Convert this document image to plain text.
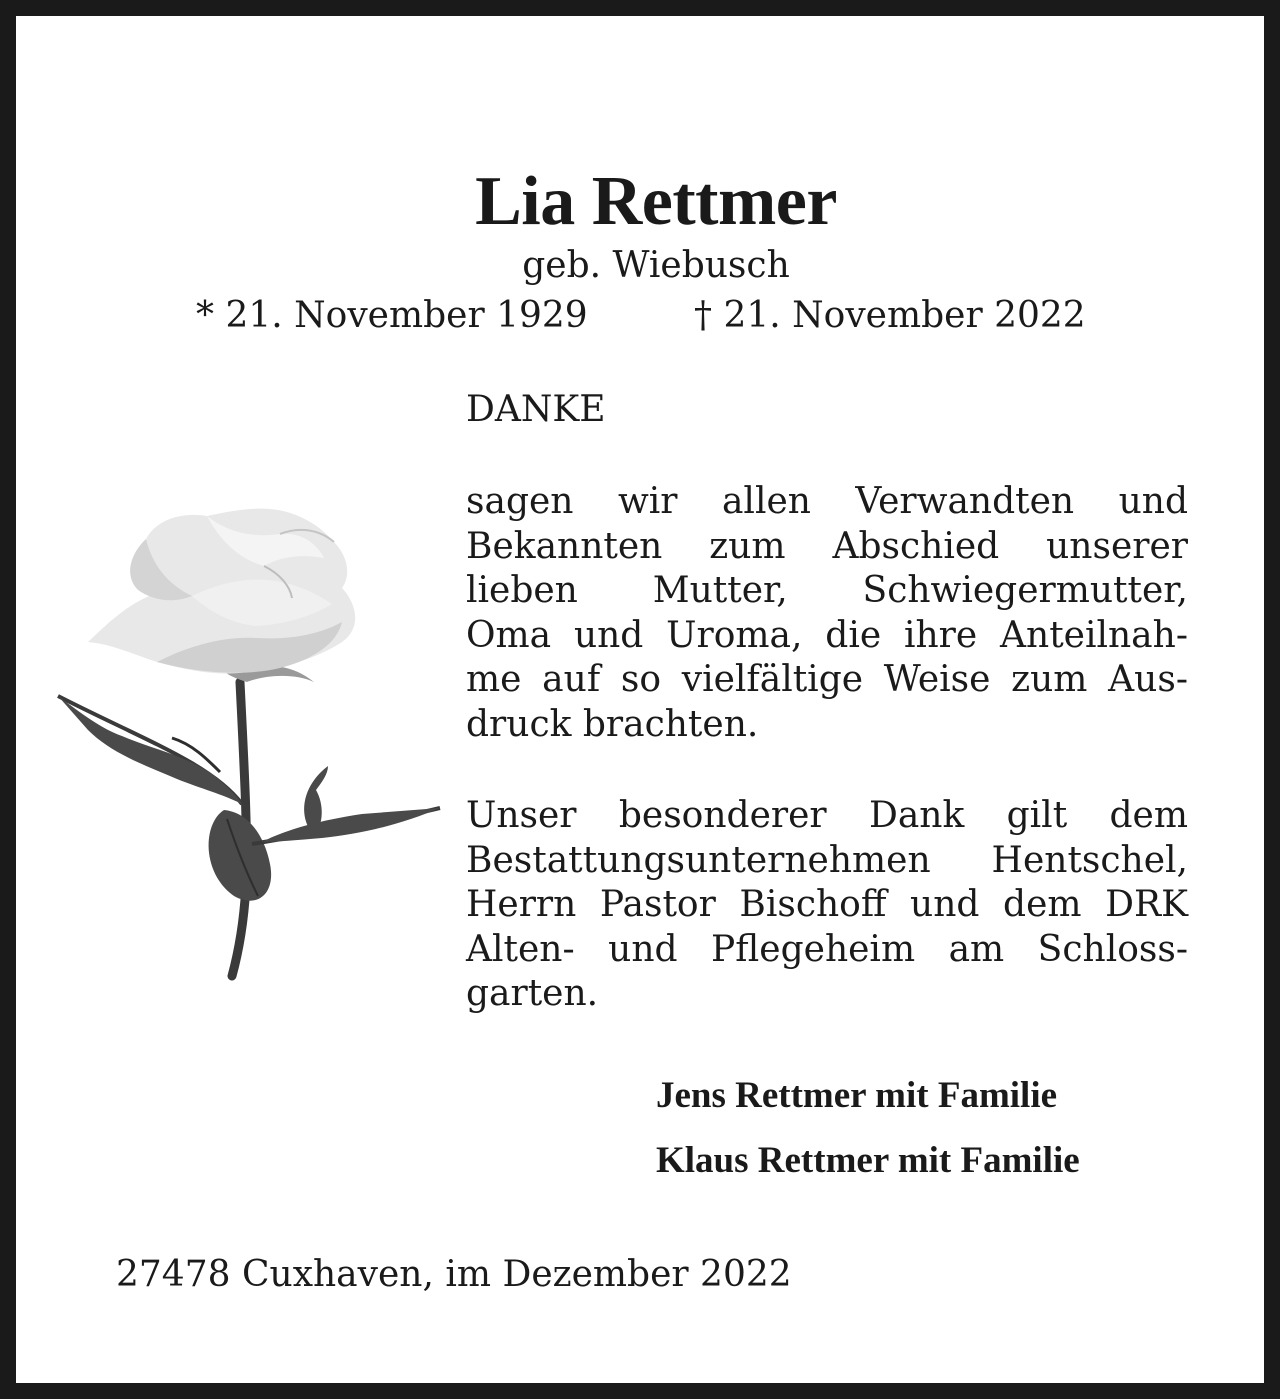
Lia Rettmer
geb. Wiebusch
* 21. November 1929	† 21. November 2022
DANKE
sagen wir allen Verwandten und
Bekannten zum Abschied unserer
lieben Mutter, Schwiegermutter,
Oma und Uroma, die ihre Anteilnah-
me auf so vielfältige Weise zum Aus-
druck brachten.
Unser besonderer Dank gilt dem
Bestattungsunternehmen Hentschel,
Herrn Pastor Bischoff und dem DRK
Alten- und Pflegeheim am Schloss-
garten.
Jens Rettmer mit Familie
Klaus Rettmer mit Familie
27478 Cuxhaven, im Dezember 2022
